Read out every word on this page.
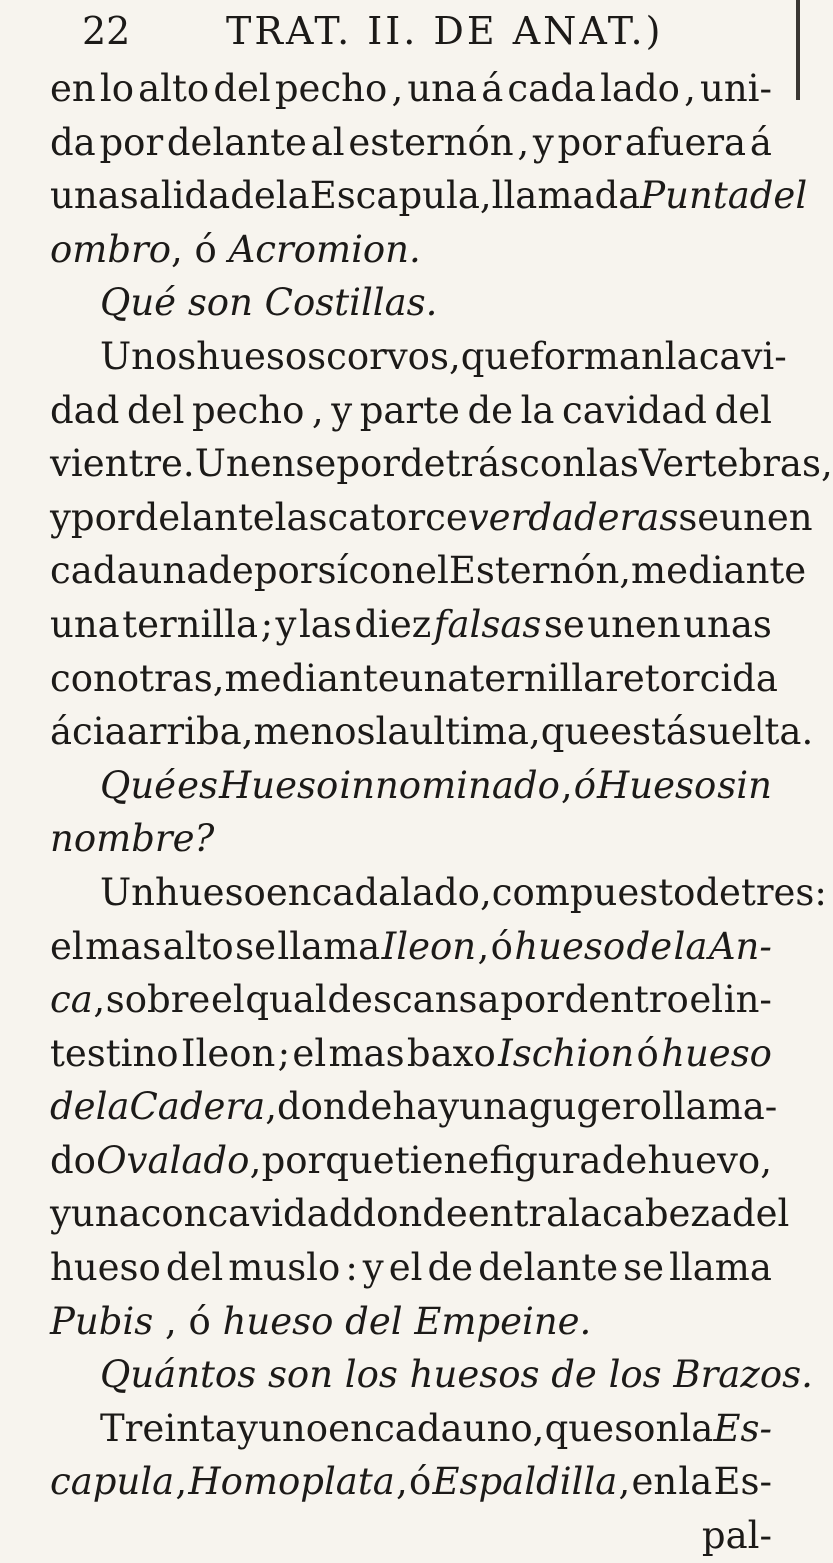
22	TRAT. II. DE ANAT.)
en lo alto del pecho , una á cada lado , uni-
da por delante al esternón , y por afuera á
una salida de la Escapula , llamada Punta del
ombro , ó Acromion.
Qué son Costillas.
Unos huesos corvos , que forman la cavi-
dad del pecho , y parte de la cavidad del
vientre. Unense por detrás con las Vertebras,
y por delante las catorce verdaderas se unen
cada una de por sí con el Esternón, mediante
una ternilla ; y las diez falsas se unen unas
con otras , mediante una ternilla retorcida
ácia arriba , menos la ultima , que está suelta.
Qué es Hueso innominado , ó Hueso sin
nombre?
Un hueso en cada lado , compuesto de tres:
el mas alto se llama Ileon , ó hueso de la An-
ca , sobre el qual descansa por dentro el in-
testino Ileon ; el mas baxo Ischion ó hueso
de la Cadera , donde hay un agugero llama-
do Ovalado , porque tiene figura de huevo,
y una concavidad donde entra la cabeza del
hueso del muslo : y el de delante se llama
Pubis , ó hueso del Empeine.
Quántos son los huesos de los Brazos.
Treinta y uno en cada uno, que son la Es-
capula , Homoplata , ó Espaldilla , en la Es-
pal-
